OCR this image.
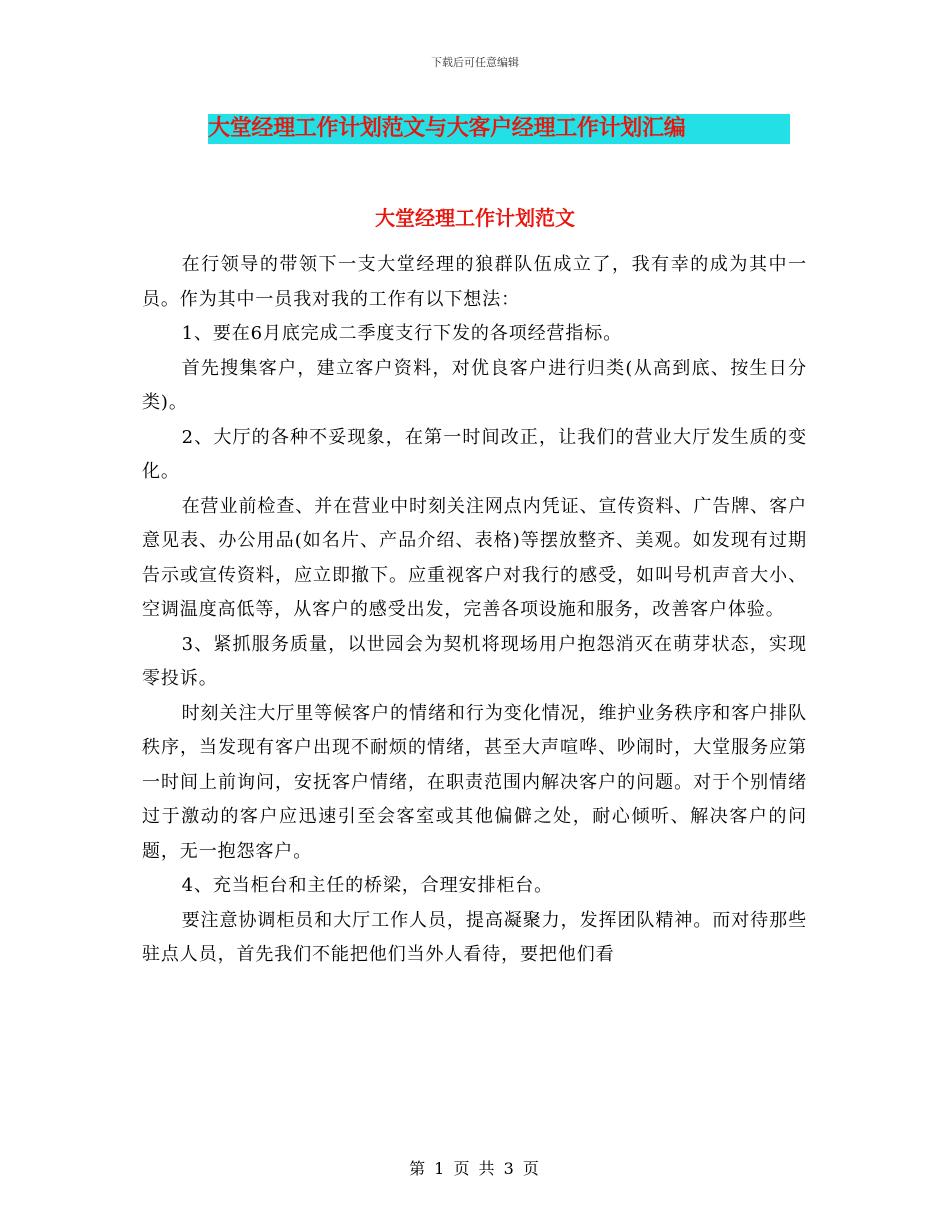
下载后可任意编辑
大堂经理工作计划范文与大客户经理工作计划汇编
大堂经理工作计划范文

在行领导的带领下一支大堂经理的狼群队伍成立了，我有幸的成为其中一员。作为其中一员我对我的工作有以下想法：

1、要在6月底完成二季度支行下发的各项经营指标。

首先搜集客户，建立客户资料，对优良客户进行归类(从高到底、按生日分类)。

2、大厅的各种不妥现象，在第一时间改正，让我们的营业大厅发生质的变化。

在营业前检查、并在营业中时刻关注网点内凭证、宣传资料、广告牌、客户意见表、办公用品(如名片、产品介绍、表格)等摆放整齐、美观。如发现有过期告示或宣传资料，应立即撤下。应重视客户对我行的感受，如叫号机声音大小、空调温度高低等，从客户的感受出发，完善各项设施和服务，改善客户体验。

3、紧抓服务质量，以世园会为契机将现场用户抱怨消灭在萌芽状态，实现零投诉。

时刻关注大厅里等候客户的情绪和行为变化情况，维护业务秩序和客户排队秩序，当发现有客户出现不耐烦的情绪，甚至大声喧哗、吵闹时，大堂服务应第一时间上前询问，安抚客户情绪，在职责范围内解决客户的问题。对于个别情绪过于激动的客户应迅速引至会客室或其他偏僻之处，耐心倾听、解决客户的问题，无一抱怨客户。

4、充当柜台和主任的桥梁，合理安排柜台。

要注意协调柜员和大厅工作人员，提高凝聚力，发挥团队精神。而对待那些驻点人员，首先我们不能把他们当外人看待，要把他们看

第 1 页 共 3 页
